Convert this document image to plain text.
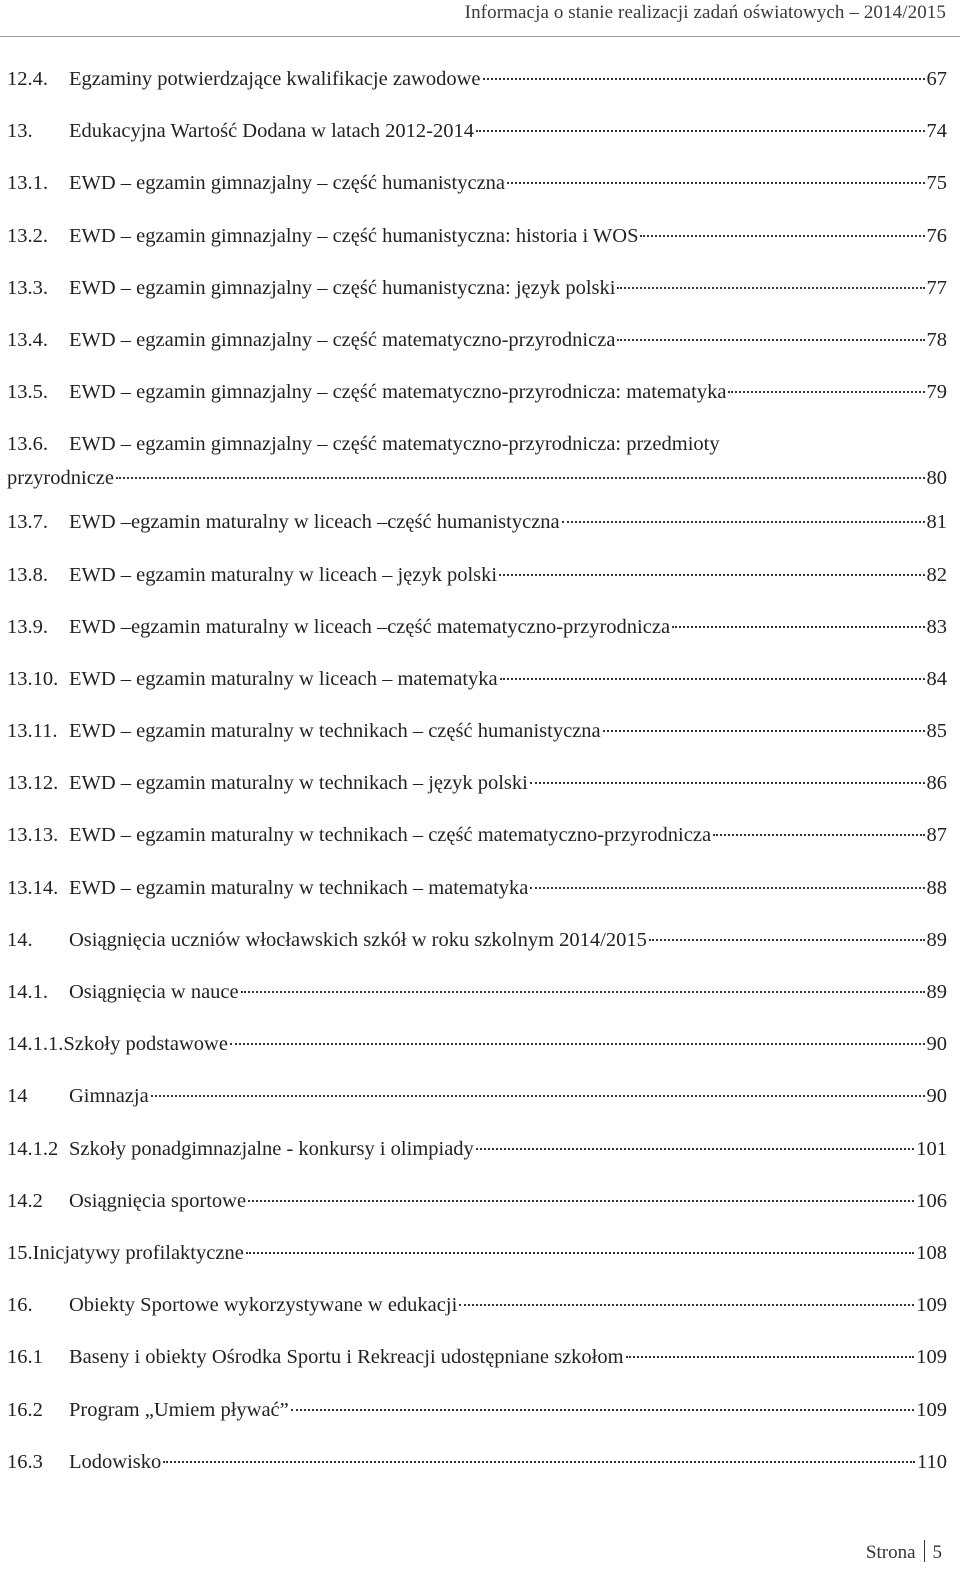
Informacja o stanie realizacji zadań oświatowych – 2014/2015
12.4.	Egzaminy potwierdzające kwalifikacje zawodowe	67
13.	Edukacyjna Wartość Dodana w latach 2012-2014	74
13.1.	EWD – egzamin gimnazjalny – część humanistyczna	75
13.2.	EWD – egzamin gimnazjalny – część humanistyczna: historia i WOS	76
13.3.	EWD – egzamin gimnazjalny – część humanistyczna: język polski	77
13.4.	EWD – egzamin gimnazjalny – część matematyczno-przyrodnicza	78
13.5.	EWD – egzamin gimnazjalny – część matematyczno-przyrodnicza: matematyka	79
13.6.	EWD – egzamin gimnazjalny – część matematyczno-przyrodnicza: przedmioty
przyrodnicze	80
13.7.	EWD –egzamin maturalny w liceach –część humanistyczna	81
13.8.	EWD – egzamin maturalny w liceach – język polski	82
13.9.	EWD –egzamin maturalny w liceach –część matematyczno-przyrodnicza	83
13.10. EWD – egzamin maturalny w liceach – matematyka	84
13.11. EWD – egzamin maturalny w technikach – część humanistyczna	85
13.12. EWD – egzamin maturalny w technikach – język polski	86
13.13. EWD – egzamin maturalny w technikach – część matematyczno-przyrodnicza	87
13.14. EWD – egzamin maturalny w technikach – matematyka	88
14.	Osiągnięcia uczniów włocławskich szkół w roku szkolnym 2014/2015	89
14.1.	Osiągnięcia w nauce	89
14.1.1. Szkoły podstawowe	90
14	Gimnazja	90
14.1.2 Szkoły ponadgimnazjalne - konkursy i olimpiady	101
14.2	Osiągnięcia sportowe	106
15. Inicjatywy profilaktyczne	108
16.	Obiekty Sportowe wykorzystywane w edukacji	109
16.1	Baseny i obiekty Ośrodka Sportu i Rekreacji udostępniane szkołom	109
16.2	Program „Umiem pływać”	109
16.3	Lodowisko	110
Strona 5
